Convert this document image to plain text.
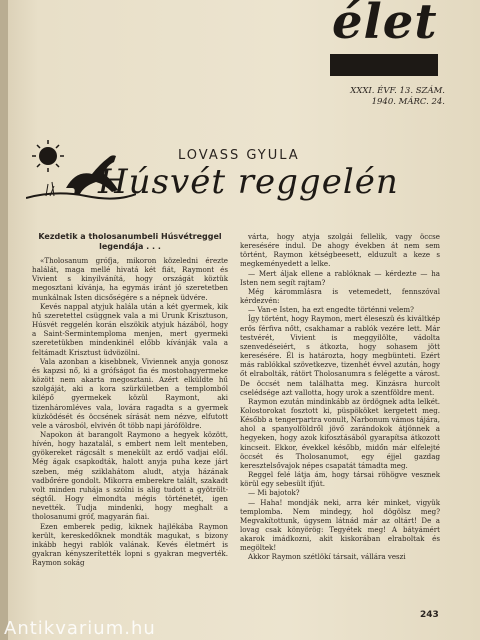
élet
XXXI. ÉVF. 13. SZÁM.
1940. MÁRC. 24.
LOVASS GYULA
Húsvét reggelén

Kezdetik a tholosanumbeli Húsvétreggel legendája . . .

«Tholosanum grófja, mikoron közeledni érezte halálát, maga mellé hivatá két fiát, Raymont és Vivient s kinyilvánítá, hogy országát köztük megosztani kívánja, ha egymás iránt jó szeretetben munkálnak Isten dicsőségére s a népnek üdvére.

Kevés nappal atyjuk halála után a két gyermek, kik hű szeretettel csüggnek vala a mi Urunk Krisztuson, Húsvét reggelén korán elszökik atyjuk házából, hogy a Saint-Sermintemploma menjen, mert gyermeki szeretetükben mindenkinél előbb kívánják vala a feltámadt Krisztust üdvözölni.

Vala azonban a kisebbnek, Viviennek anyja gonosz és kapzsi nő, ki a grófságot fia és mostohagyermeke között nem akarta megosztani. Azért elküldte hű szolgáját, aki a kora szürkületben a templomból kilépő gyermekek közül Raymont, aki tizenháromléves vala, lovára ragadta s a gyermek küzködését és öccsének sírását nem nézve, elfutott vele a városból, elvivén őt több napi járóföldre.

Napokon át barangolt Raymono a hegyek között, hívén, hogy hazatalál, s embert nem lelt menteben, gyökereket rágcsált s menekült az erdő vadjai elől. Még ágak csapkodták, halott anyja puha keze járt szeben, még sziklahátom aludt, atyja házának vadbőrére gondolt. Mikorra emberekre talált, szakadt volt minden ruhája s szólni is alig tudott a gyötrölt-ségtől. Hogy elmondta mégis történetét, igen nevették. Tudja mindenki, hogy meghalt a tholosanumi gróf, magyarán fiai.

Ezen emberek pedig, kiknek hajlékába Raymon került, kereskedőknek mondták magukat, s bizony inkább hegyi rablók valának. Kevés életmért is gyakran kényszerítették lopni s gyakran megverték. Raymon sokág

várta, hogy atyja szolgái fellelik, vagy öccse keresésére indul. De ahogy években át nem sem történt, Raymon kétségbeesett, elduzult a keze s megkeményedett a lelke.

— Mert áljak ellene a rablóknak — kérdezte — ha Isten nem segít rajtam?

Még kárommlásra is vetemedett, fennszóval kérdezvén:

— Van-e Isten, ha ezt engedte történni velem?

Így történt, hogy Raymon, mert éleseszü és kiváltkép erős férfiva nőtt, csakhamar a rablók vezére lett. Már testvérét, Vivient is meggyilölte, vádolta szenvedéseiért, s átkozta, hogy sohasem jött keresésére. Él is határozta, hogy megbünteti. Ezért más rablókkal szövetkezve, tizenhét évvel azután, hogy őt elrabolták, rátört Tholosanumra s felégette a várost. De öccsét nem találhatta meg. Kinzásra hurcolt cselédsége azt vallotta, hogy urok a szentföldre ment.

Raymon ezután mindinkább az ördögnek adta lelkét. Kolostorokat fosztott ki, püspököket kergetett meg. Később a tengerpartra vonult, Narbonum vámos tájára, ahol a spanyolföldről jövő zarándokok átjönnek a hegyeken, hogy azok kifosztásából gyarapítsa átkozott kincseit. Ekkor, évekkel később, midőn már elfelejté öccsét és Tholosanumot, egy éjjel gazdag keresztelsővajok népes csapatát támadta meg.

Reggel felé látja ám, hogy társai röhögve vesznek körül egy sebesült ifjút.

— Mi bajotok?

— Haha! mondják neki, arra kér minket, vigyük templomba. Nem mindegy, hol dögölsz meg? Megvakítottunk, úgysem látnád már az oltárt! De a lovag csak könyörög: Tegyétek meg! A bátyámért akarok imádkozni, akit kiskorában elraboltak és megöltek!

Akkor Raymon szétlökí társait, vállára veszi

243
Antikvarium.hu
